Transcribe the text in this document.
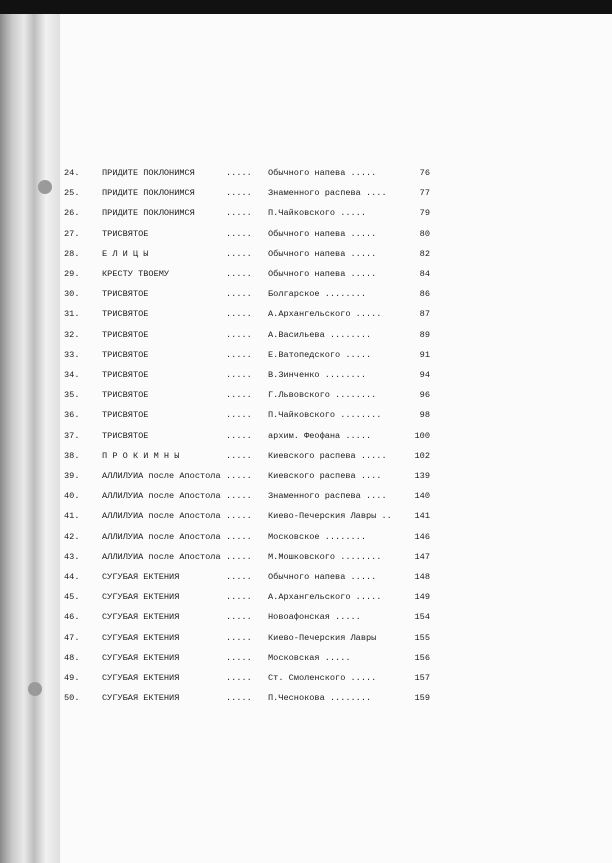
24.	ПРИДИТЕ ПОКЛОНИМСЯ	..... Обычного напева .....	76
25.	ПРИДИТЕ ПОКЛОНИМСЯ	..... Знаменного распева ....	77
26.	ПРИДИТЕ ПОКЛОНИМСЯ	..... П.Чайковского .....	79
27.	ТРИСВЯТОЕ	..... Обычного напева .....	80
28.	Е Л И Ц Ы	..... Обычного напева .....	82
29.	КРЕСТУ ТВОЕМУ	..... Обычного напева .....	84
30.	ТРИСВЯТОЕ	..... Болгарское ........	86
31.	ТРИСВЯТОЕ	..... А.Архангельского .....	87
32.	ТРИСВЯТОЕ	..... А.Васильева ........	89
33.	ТРИСВЯТОЕ	..... Е.Ватопедского .....	91
34.	ТРИСВЯТОЕ	..... В.Зинченко ........	94
35.	ТРИСВЯТОЕ	..... Г.Львовского ........	96
36.	ТРИСВЯТОЕ	..... П.Чайковского ........	98
37.	ТРИСВЯТОЕ	..... архим. Феофана .....	100
38.	П Р О К И М Н Ы	..... Киевского распева .....	102
39.	АЛЛИЛУИА после Апостола ..... Киевского распева ....	139
40.	АЛЛИЛУИА после Апостола ..... Знаменного распева ....	140
41.	АЛЛИЛУИА после Апостола ..... Киево-Печерския Лавры ..	141
42.	АЛЛИЛУИА после Апостола ..... Московское ........	146
43.	АЛЛИЛУИА после Апостола ..... М.Мошковского ........	147
44.	СУГУБАЯ ЕКТЕНИЯ	..... Обычного напева .....	148
45.	СУГУБАЯ ЕКТЕНИЯ	..... А.Архангельского .....	149
46.	СУГУБАЯ ЕКТЕНИЯ	..... Новоафонская .....	154
47.	СУГУБАЯ ЕКТЕНИЯ	..... Киево-Печерския Лавры	155
48.	СУГУБАЯ ЕКТЕНИЯ	..... Московская .....	156
49.	СУГУБАЯ ЕКТЕНИЯ	..... Ст. Смоленского .....	157
50.	СУГУБАЯ ЕКТЕНИЯ	..... П.Чеснокова ........	159
